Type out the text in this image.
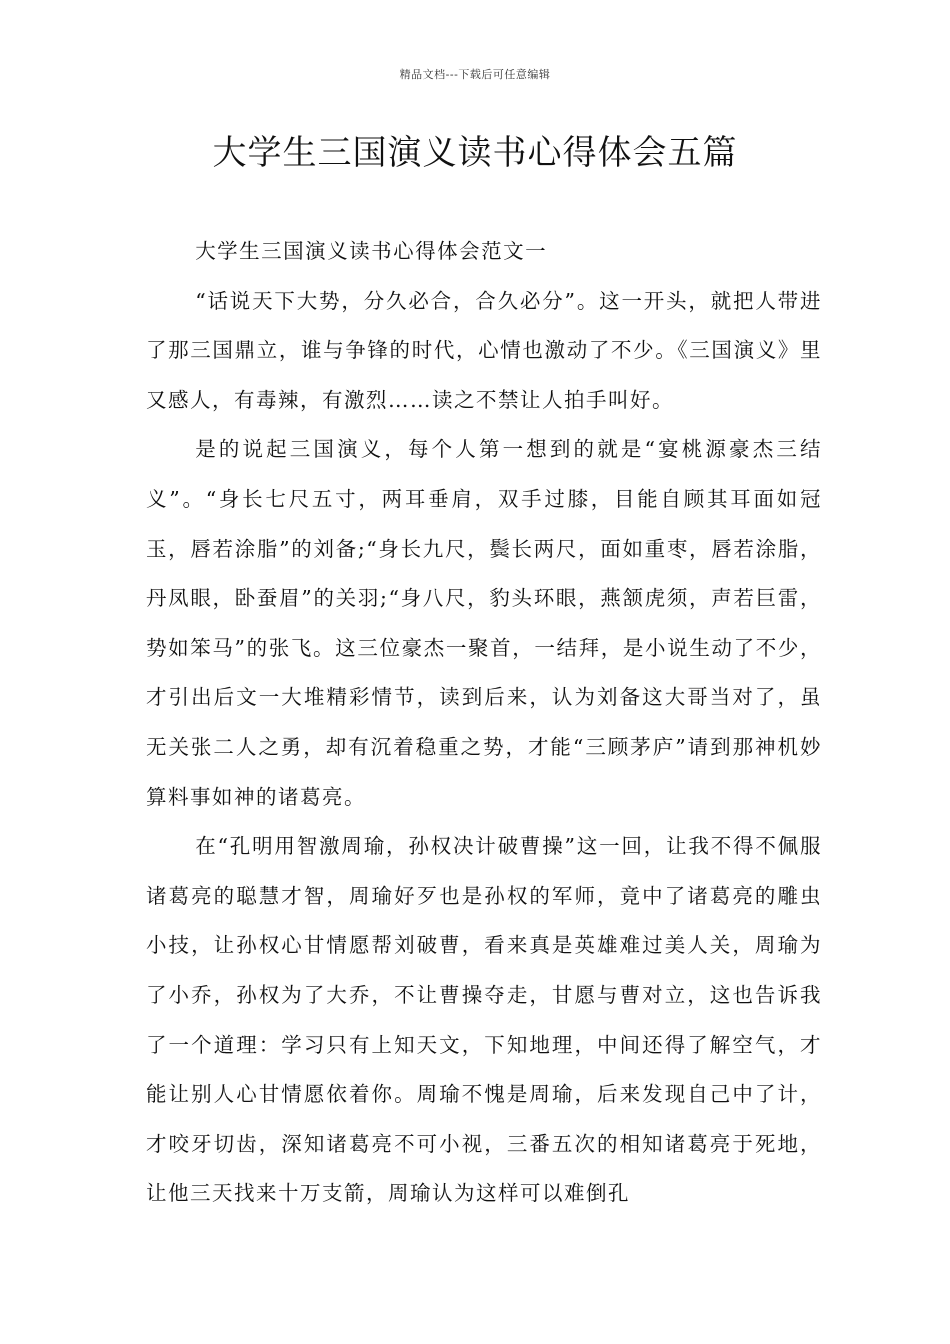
精品文档---下载后可任意编辑
大学生三国演义读书心得体会五篇

大学生三国演义读书心得体会范文一

“话说天下大势，分久必合，合久必分”。这一开头，就把人带进了那三国鼎立，谁与争锋的时代，心情也激动了不少。《三国演义》里又感人，有毒辣，有激烈……读之不禁让人拍手叫好。

是的说起三国演义，每个人第一想到的就是“宴桃源豪杰三结义”。“身长七尺五寸，两耳垂肩，双手过膝，目能自顾其耳面如冠玉，唇若涂脂”的刘备;“身长九尺，鬓长两尺，面如重枣，唇若涂脂，丹凤眼，卧蚕眉”的关羽;“身八尺，豹头环眼，燕颔虎须，声若巨雷，势如笨马”的张飞。这三位豪杰一聚首，一结拜，是小说生动了不少，才引出后文一大堆精彩情节，读到后来，认为刘备这大哥当对了，虽无关张二人之勇，却有沉着稳重之势，才能“三顾茅庐”请到那神机妙算料事如神的诸葛亮。

在“孔明用智激周瑜，孙权决计破曹操”这一回，让我不得不佩服诸葛亮的聪慧才智，周瑜好歹也是孙权的军师，竟中了诸葛亮的雕虫小技，让孙权心甘情愿帮刘破曹，看来真是英雄难过美人关，周瑜为了小乔，孙权为了大乔，不让曹操夺走，甘愿与曹对立，这也告诉我了一个道理：学习只有上知天文，下知地理，中间还得了解空气，才能让别人心甘情愿依着你。周瑜不愧是周瑜，后来发现自己中了计，才咬牙切齿，深知诸葛亮不可小视，三番五次的相知诸葛亮于死地，让他三天找来十万支箭，周瑜认为这样可以难倒孔
